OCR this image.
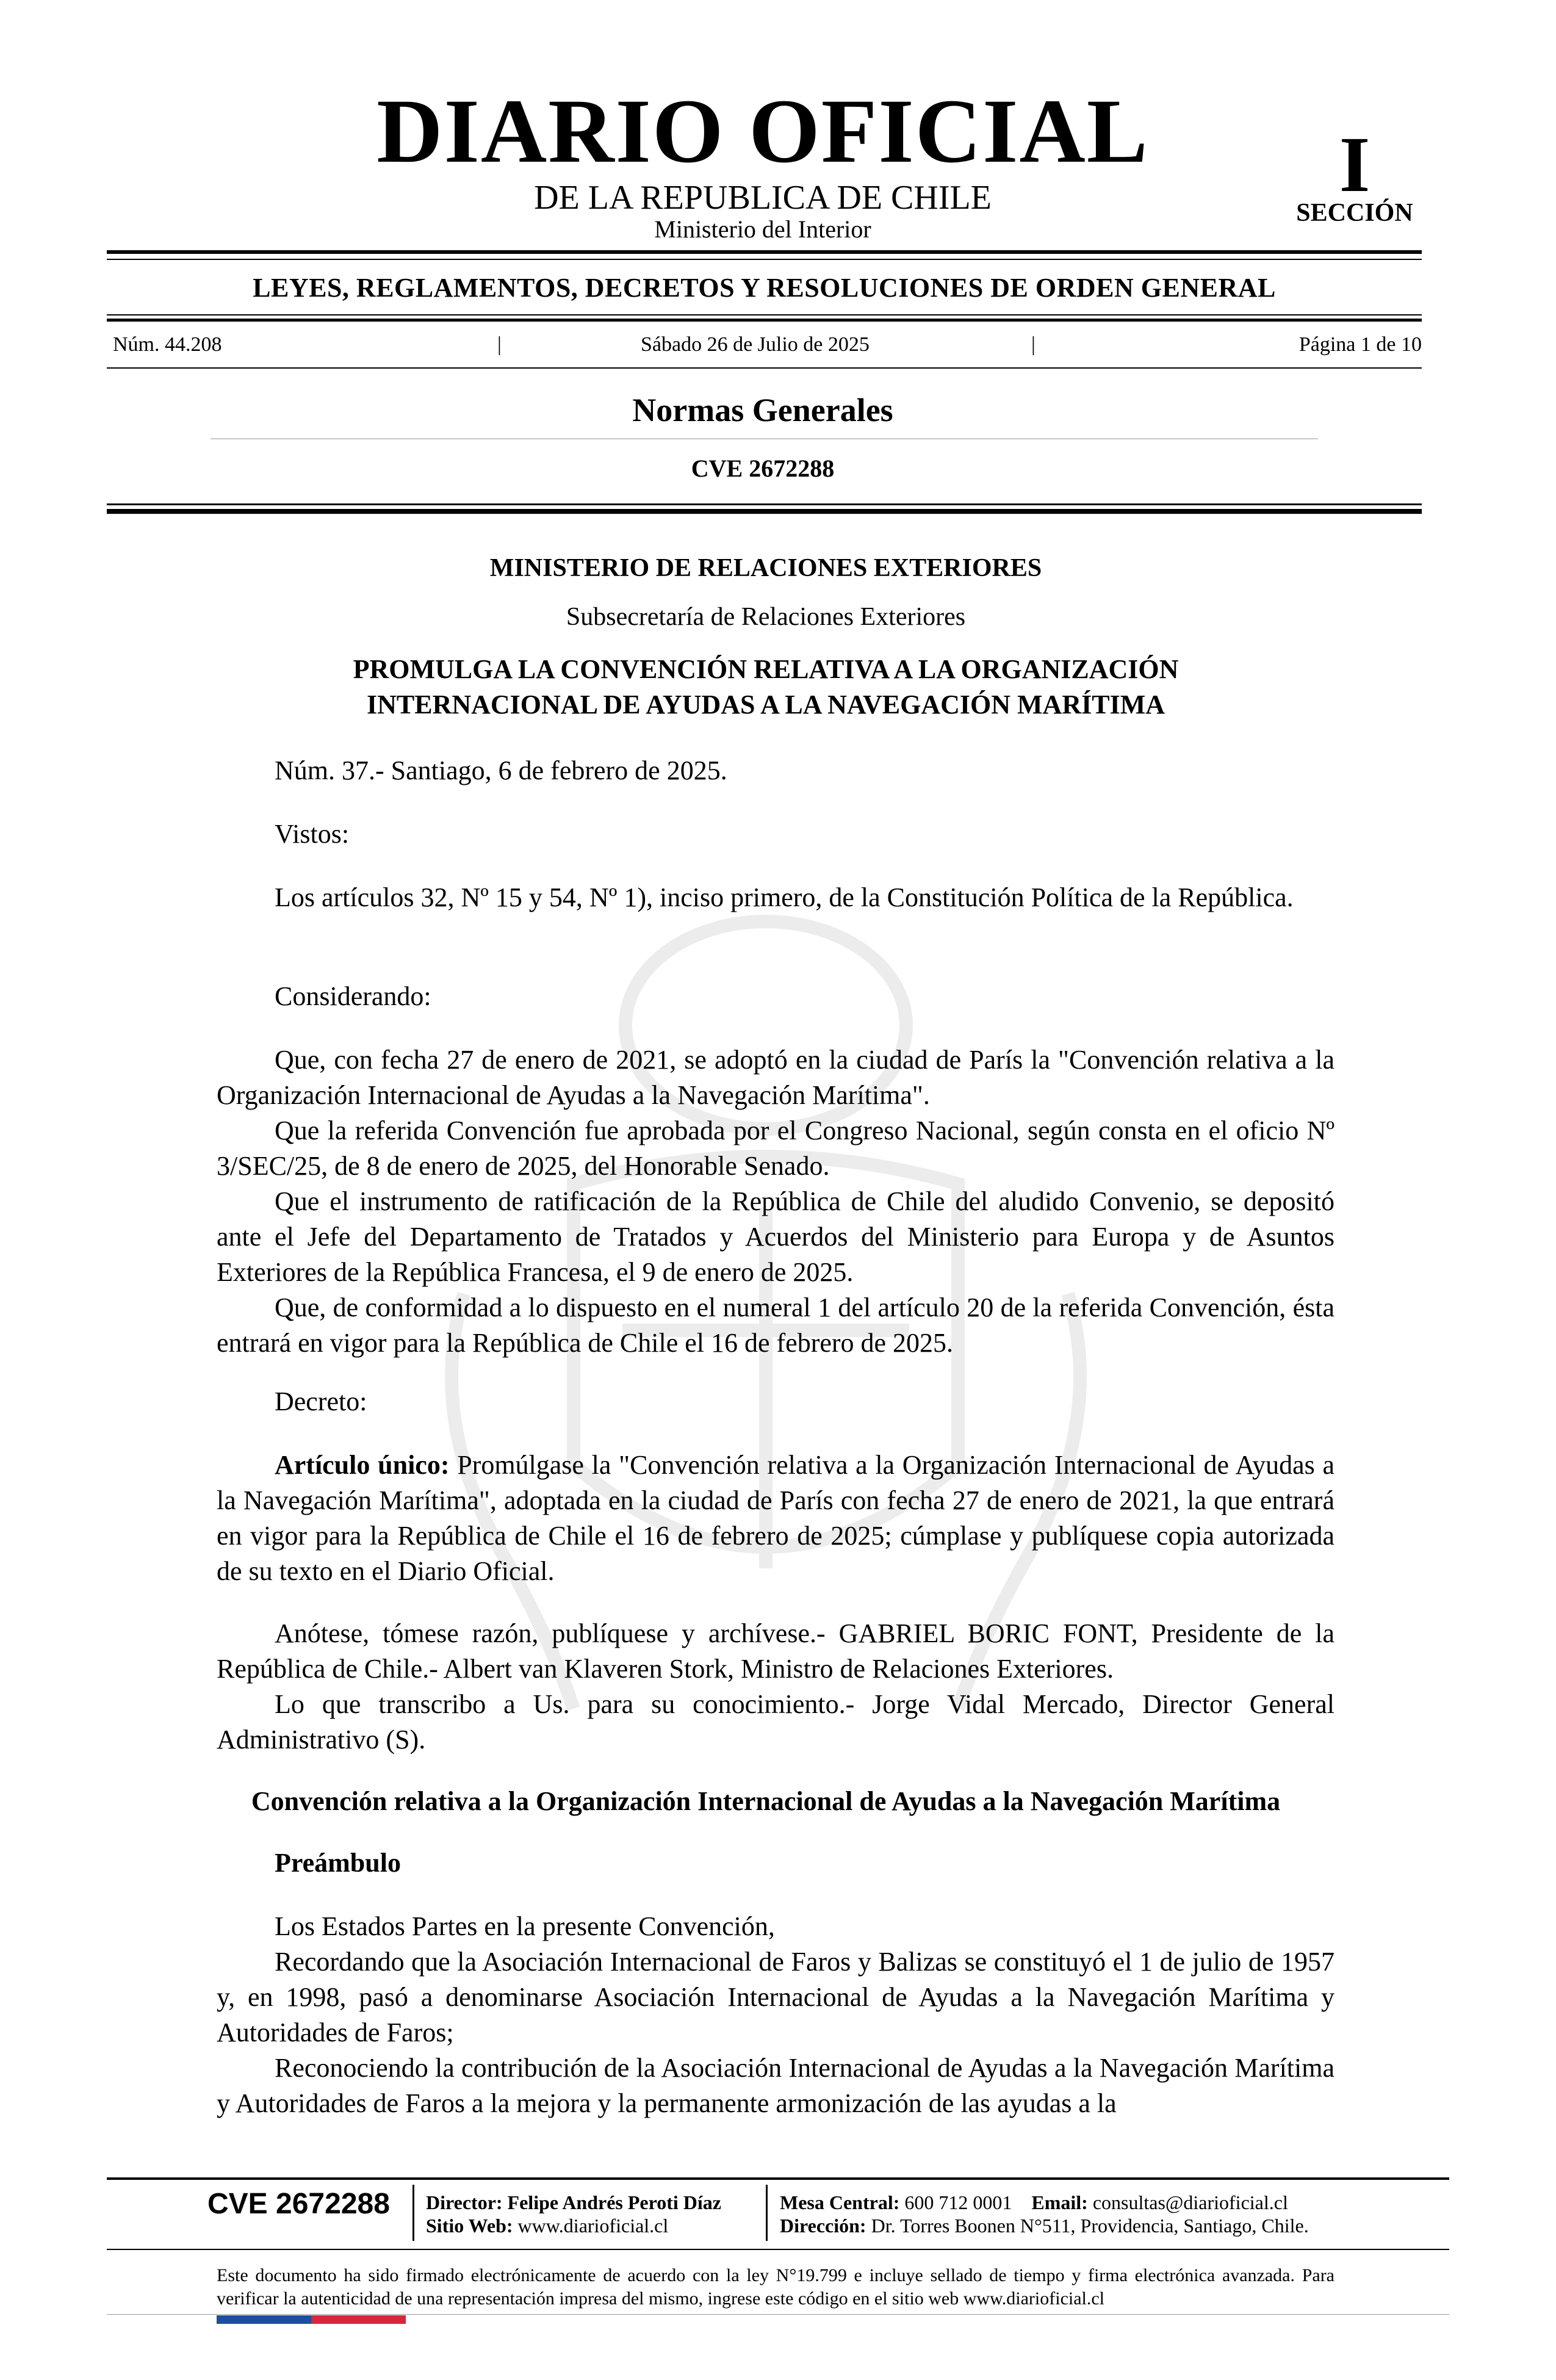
DIARIO OFICIAL
DE LA REPUBLICA DE CHILE
Ministerio del Interior
I
SECCIÓN
LEYES, REGLAMENTOS, DECRETOS Y RESOLUCIONES DE ORDEN GENERAL
Núm. 44.208	|	Sábado 26 de Julio de 2025	|	Página 1 de 10
Normas Generales
CVE 2672288
MINISTERIO DE RELACIONES EXTERIORES
Subsecretaría de Relaciones Exteriores
PROMULGA LA CONVENCIÓN RELATIVA A LA ORGANIZACIÓN
INTERNACIONAL DE AYUDAS A LA NAVEGACIÓN MARÍTIMA
Núm. 37.- Santiago, 6 de febrero de 2025.
Vistos:
Los artículos 32, Nº 15 y 54, Nº 1), inciso primero, de la Constitución Política de la República.
Considerando:
Que, con fecha 27 de enero de 2021, se adoptó en la ciudad de París la "Convención relativa a la Organización Internacional de Ayudas a la Navegación Marítima".
Que la referida Convención fue aprobada por el Congreso Nacional, según consta en el oficio Nº 3/SEC/25, de 8 de enero de 2025, del Honorable Senado.
Que el instrumento de ratificación de la República de Chile del aludido Convenio, se depositó ante el Jefe del Departamento de Tratados y Acuerdos del Ministerio para Europa y de Asuntos Exteriores de la República Francesa, el 9 de enero de 2025.
Que, de conformidad a lo dispuesto en el numeral 1 del artículo 20 de la referida Convención, ésta entrará en vigor para la República de Chile el 16 de febrero de 2025.
Decreto:
Artículo único: Promúlgase la "Convención relativa a la Organización Internacional de Ayudas a la Navegación Marítima", adoptada en la ciudad de París con fecha 27 de enero de 2021, la que entrará en vigor para la República de Chile el 16 de febrero de 2025; cúmplase y publíquese copia autorizada de su texto en el Diario Oficial.
Anótese, tómese razón, publíquese y archívese.- GABRIEL BORIC FONT, Presidente de la República de Chile.- Albert van Klaveren Stork, Ministro de Relaciones Exteriores.
Lo que transcribo a Us. para su conocimiento.- Jorge Vidal Mercado, Director General Administrativo (S).
Convención relativa a la Organización Internacional de Ayudas a la Navegación Marítima
Preámbulo
Los Estados Partes en la presente Convención,
Recordando que la Asociación Internacional de Faros y Balizas se constituyó el 1 de julio de 1957 y, en 1998, pasó a denominarse Asociación Internacional de Ayudas a la Navegación Marítima y Autoridades de Faros;
Reconociendo la contribución de la Asociación Internacional de Ayudas a la Navegación Marítima y Autoridades de Faros a la mejora y la permanente armonización de las ayudas a la
CVE 2672288 Director: Felipe Andrés Peroti Díaz
Sitio Web: www.diarioficial.cl
Mesa Central: 600 712 0001 Email: consultas@diarioficial.cl
Dirección: Dr. Torres Boonen N°511, Providencia, Santiago, Chile.
Este documento ha sido firmado electrónicamente de acuerdo con la ley N°19.799 e incluye sellado de tiempo y firma electrónica avanzada. Para verificar la autenticidad de una representación impresa del mismo, ingrese este código en el sitio web www.diarioficial.cl
